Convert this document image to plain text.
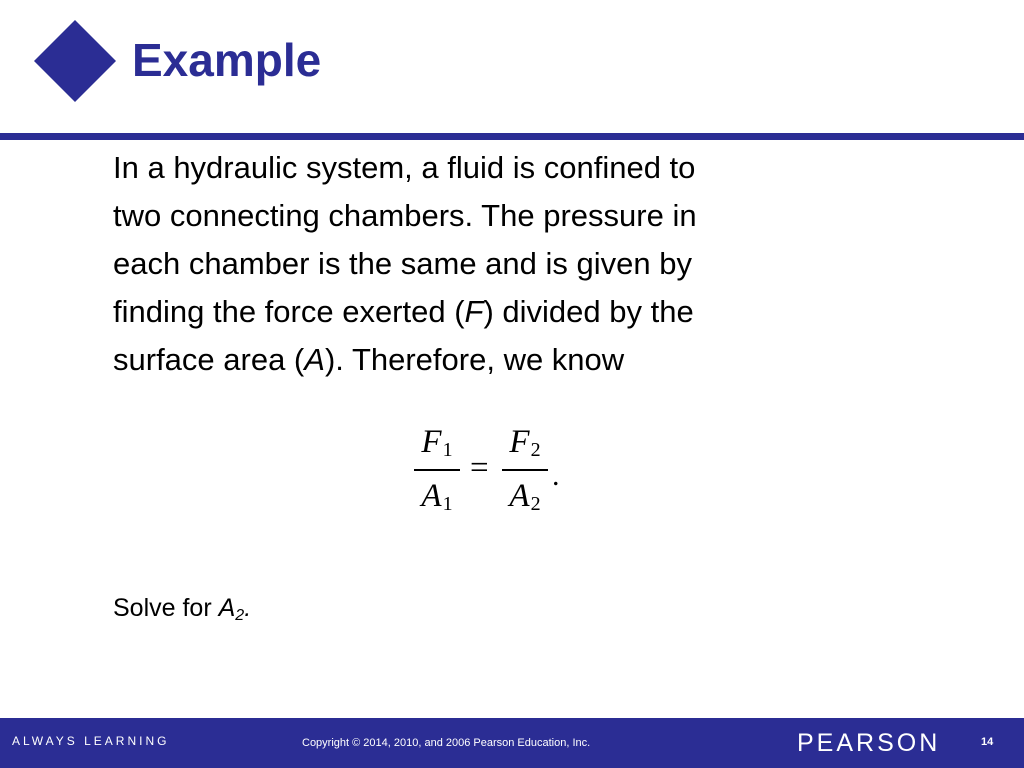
Example
In a hydraulic system, a fluid is confined to
two connecting chambers. The pressure in
each chamber is the same and is given by
finding the force exerted (F) divided by the
surface area (A). Therefore, we know
$F_1$
$A_1$
=
$F_2$
$A_2$
.
Solve for $A_2$.
ALWAYS LEARNING	Copyright © 2014, 2010, and 2006 Pearson Education, Inc.	PEARSON	14
